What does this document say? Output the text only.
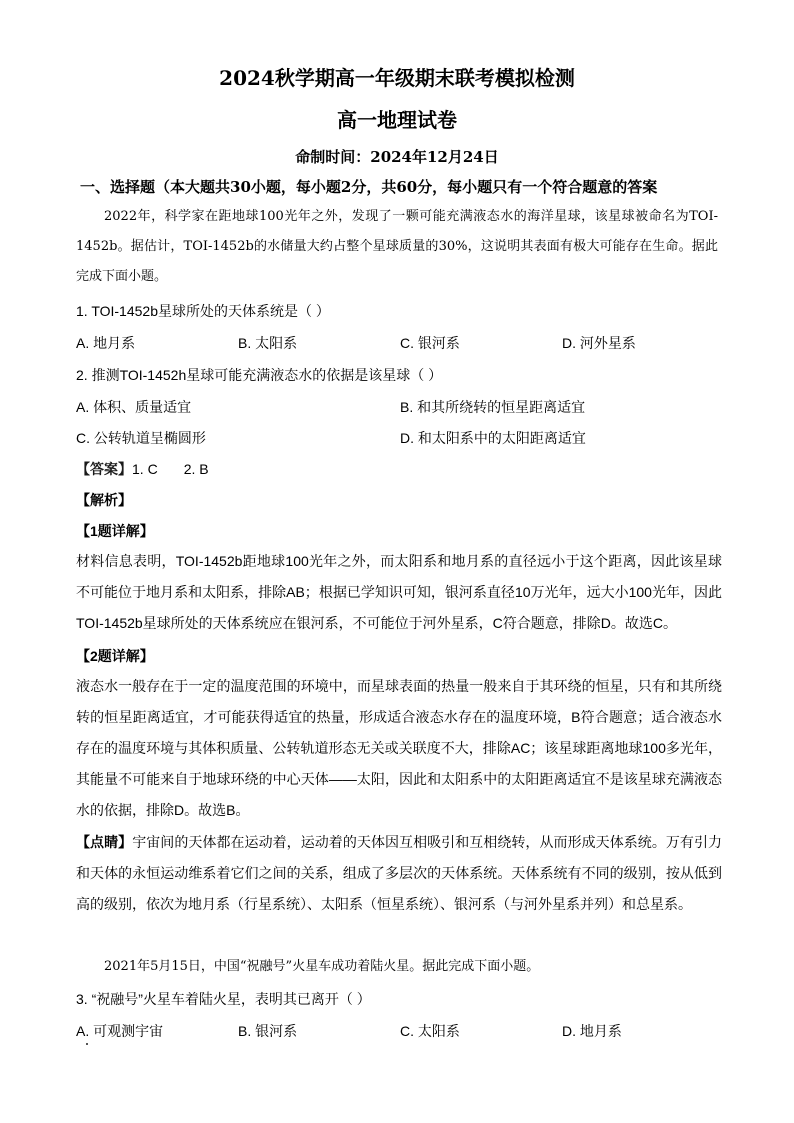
2024秋学期高一年级期末联考模拟检测
高一地理试卷
命制时间：2024年12月24日
一、选择题（本大题共30小题，每小题2分，共60分，每小题只有一个符合题意的答案
2022年，科学家在距地球100光年之外，发现了一颗可能充满液态水的海洋星球，该星球被命名为TOI-1452b。据估计，TOI-1452b的水储量大约占整个星球质量的30%，这说明其表面有极大可能存在生命。据此完成下面小题。
1. TOI-1452b星球所处的天体系统是（ ）
A. 地月系	B. 太阳系	C. 银河系	D. 河外星系
2. 推测TOI-1452h星球可能充满液态水的依据是该星球（ ）
A. 体积、质量适宜	B. 和其所绕转的恒星距离适宜
C. 公转轨道呈椭圆形	D. 和太阳系中的太阳距离适宜
【答案】1. C 2. B
【解析】
【1题详解】
材料信息表明，TOI-1452b距地球100光年之外，而太阳系和地月系的直径远小于这个距离，因此该星球不可能位于地月系和太阳系，排除AB；根据已学知识可知，银河系直径10万光年，远大小100光年，因此TOI-1452b星球所处的天体系统应在银河系，不可能位于河外星系，C符合题意，排除D。故选C。
【2题详解】
液态水一般存在于一定的温度范围的环境中，而星球表面的热量一般来自于其环绕的恒星，只有和其所绕转的恒星距离适宜，才可能获得适宜的热量，形成适合液态水存在的温度环境，B符合题意；适合液态水存在的温度环境与其体积质量、公转轨道形态无关或关联度不大，排除AC；该星球距离地球100多光年，其能量不可能来自于地球环绕的中心天体——太阳，因此和太阳系中的太阳距离适宜不是该星球充满液态水的依据，排除D。故选B。
【点睛】宇宙间的天体都在运动着，运动着的天体因互相吸引和互相绕转，从而形成天体系统。万有引力和天体的永恒运动维系着它们之间的关系，组成了多层次的天体系统。天体系统有不同的级别，按从低到高的级别，依次为地月系（行星系统）、太阳系（恒星系统）、银河系（与河外星系并列）和总星系。
2021年5月15日，中国“祝融号”火星车成功着陆火星。据此完成下面小题。
3. “祝融号”火星车着陆火星，表明其已离开（ ）
A. 可观测宇宙	B. 银河系	C. 太阳系	D. 地月系
